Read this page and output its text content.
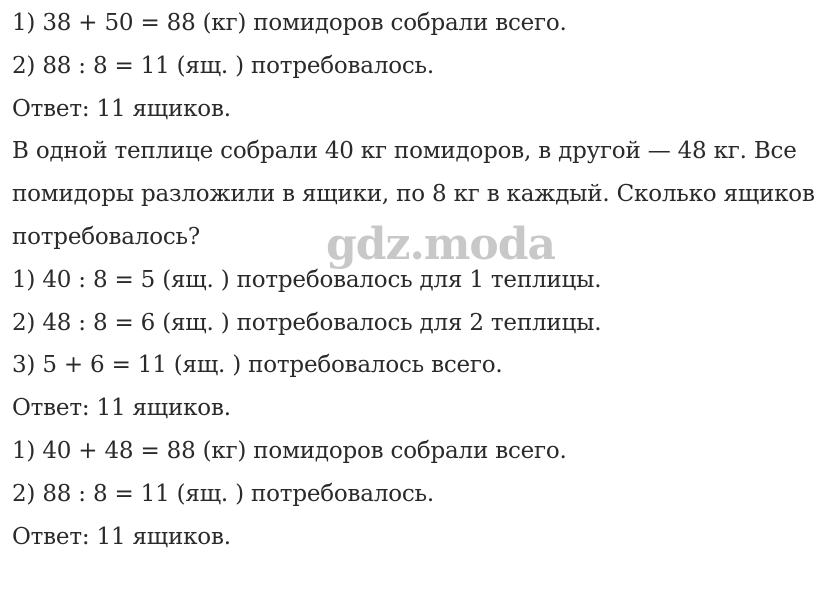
1) 38 + 50 = 88 (кг) помидоров собрали всего.
2) 88 : 8 = 11 (ящ. ) потребовалось.
Ответ: 11 ящиков.
В одной теплице собрали 40 кг помидоров, в другой — 48 кг. Все
помидоры разложили в ящики, по 8 кг в каждый. Сколько ящиков
потребовалось?
1) 40 : 8 = 5 (ящ. ) потребовалось для 1 теплицы.
2) 48 : 8 = 6 (ящ. ) потребовалось для 2 теплицы.
3) 5 + 6 = 11 (ящ. ) потребовалось всего.
Ответ: 11 ящиков.
1) 40 + 48 = 88 (кг) помидоров собрали всего.
2) 88 : 8 = 11 (ящ. ) потребовалось.
Ответ: 11 ящиков.
gdz.moda
